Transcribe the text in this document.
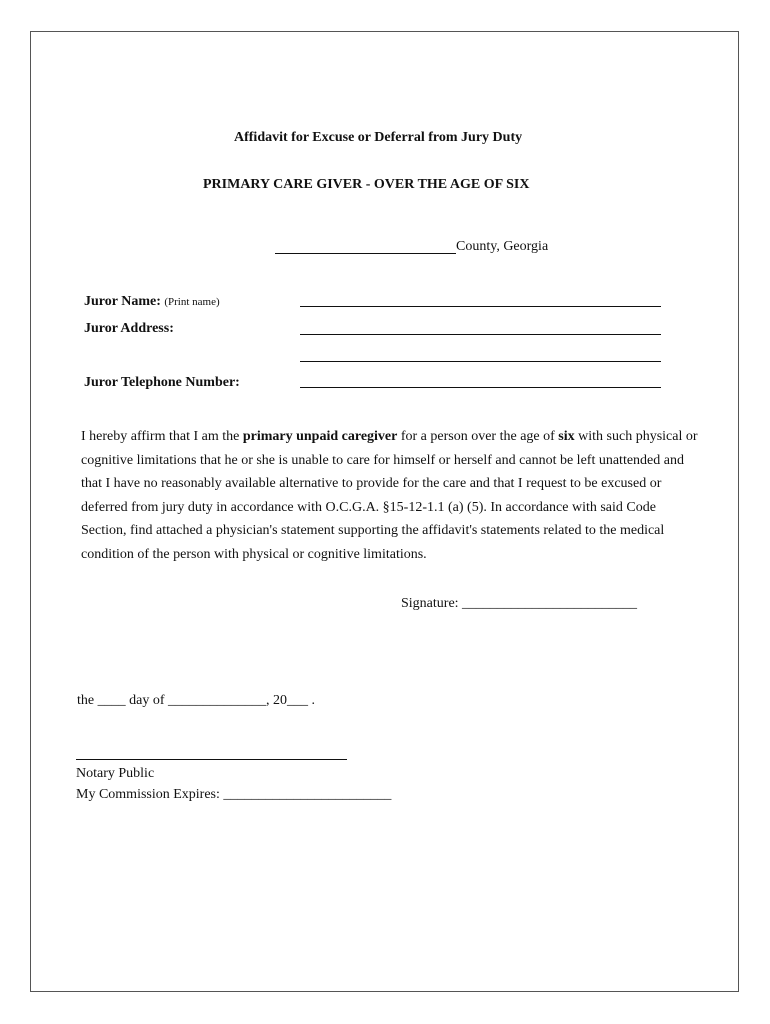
Affidavit for Excuse or Deferral from Jury Duty
PRIMARY CARE GIVER - OVER THE AGE OF SIX
County, Georgia
Juror Name: (Print name)
Juror Address:
Juror Telephone Number:
I hereby affirm that I am the primary unpaid caregiver for a person over the age of six with such physical or cognitive limitations that he or she is unable to care for himself or herself and cannot be left unattended and that I have no reasonably available alternative to provide for the care and that I request to be excused or deferred from jury duty in accordance with O.C.G.A. §15-12-1.1 (a) (5). In accordance with said Code Section, find attached a physician's statement supporting the affidavit's statements related to the medical condition of the person with physical or cognitive limitations.
Signature: _________________________
the ____ day of ______________, 20___ .
Notary Public
My Commission Expires: ________________________
